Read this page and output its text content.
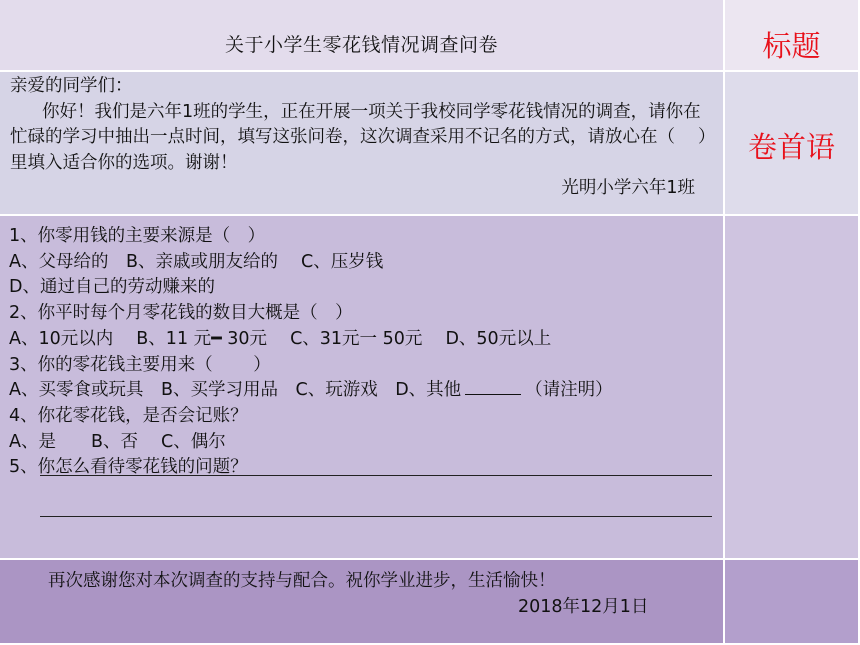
关于小学生零花钱情况调查问卷	标题

亲爱的同学们：

你好！我们是六年1班的学生，正在开展一项关于我校同学零花钱情况的调查，请你在忙碌的学习中抽出一点时间，填写这张问卷，这次调查采用不记名的方式，请放心在（　 ）里填入适合你的选项。谢谢！

光明小学六年1班

卷首语

1、你零用钱的主要来源是（　）

A、父母给的　B、亲戚或朋友给的　 C、压岁钱

D、通过自己的劳动赚来的

2、你平时每个月零花钱的数目大概是（　）

A、10元以内　 B、11 元━ 30元　 C、31元一 50元　 D、50元以上

3、你的零花钱主要用来（　　 ）

A、买零食或玩具　B、买学习用品　C、玩游戏　D、其他	（请注明）

4、你花零花钱，是否会记账？

A、是　　B、否　 C、偶尔

5、你怎么看待零花钱的问题？

再次感谢您对本次调查的支持与配合。祝你学业进步，生活愉快！
2018年12月1日
